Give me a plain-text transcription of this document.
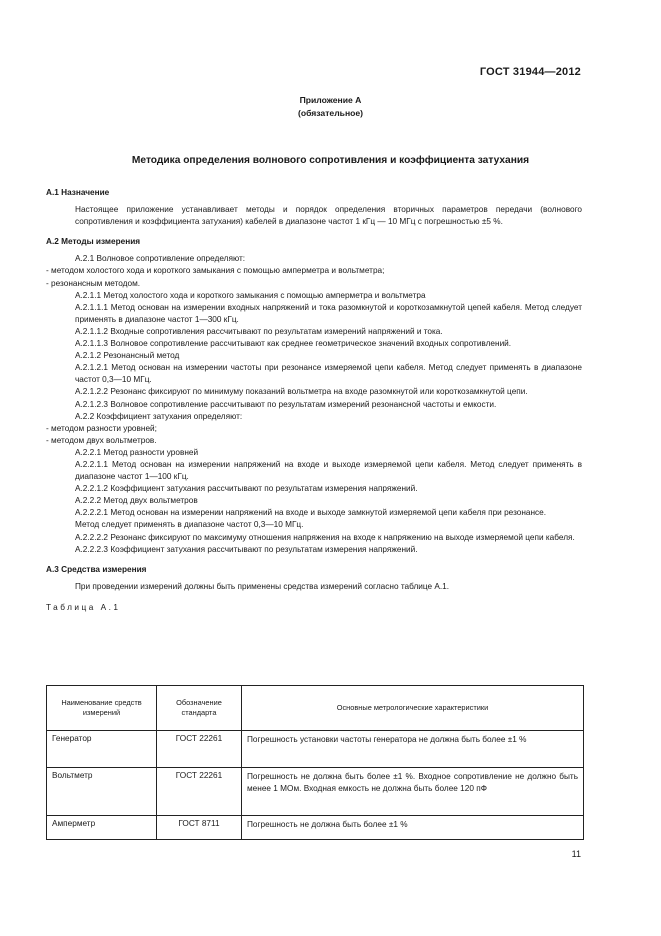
ГОСТ 31944—2012
Приложение А
(обязательное)
Методика определения волнового сопротивления и коэффициента затухания

А.1 Назначение

Настоящее приложение устанавливает методы и порядок определения вторичных параметров передачи (волнового сопротивления и коэффициента затухания) кабелей в диапазоне частот 1 кГц — 10 МГц с погрешностью ±5 %.

А.2 Методы измерения

А.2.1 Волновое сопротивление определяют:

- методом холостого хода и короткого замыкания с помощью амперметра и вольтметра;

- резонансным методом.

А.2.1.1 Метод холостого хода и короткого замыкания с помощью амперметра и вольтметра

А.2.1.1.1 Метод основан на измерении входных напряжений и тока разомкнутой и короткозамкнутой цепей кабеля. Метод следует применять в диапазоне частот 1—300 кГц.

А.2.1.1.2 Входные сопротивления рассчитывают по результатам измерений напряжений и тока.

А.2.1.1.3 Волновое сопротивление рассчитывают как среднее геометрическое значений входных сопротивлений.

А.2.1.2 Резонансный метод

А.2.1.2.1 Метод основан на измерении частоты при резонансе измеряемой цепи кабеля. Метод следует применять в диапазоне частот 0,3—10 МГц.

А.2.1.2.2 Резонанс фиксируют по минимуму показаний вольтметра на входе разомкнутой или короткозамкнутой цепи.

А.2.1.2.3 Волновое сопротивление рассчитывают по результатам измерений резонансной частоты и емкости.

А.2.2 Коэффициент затухания определяют:

- методом разности уровней;

- методом двух вольтметров.

А.2.2.1 Метод разности уровней

А.2.2.1.1 Метод основан на измерении напряжений на входе и выходе измеряемой цепи кабеля. Метод следует применять в диапазоне частот 1—100 кГц.

А.2.2.1.2 Коэффициент затухания рассчитывают по результатам измерения напряжений.

А.2.2.2 Метод двух вольтметров

А.2.2.2.1 Метод основан на измерении напряжений на входе и выходе замкнутой измеряемой цепи кабеля при резонансе.

Метод следует применять в диапазоне частот 0,3—10 МГц.

А.2.2.2.2 Резонанс фиксируют по максимуму отношения напряжения на входе к напряжению на выходе измеряемой цепи кабеля.

А.2.2.2.3 Коэффициент затухания рассчитывают по результатам измерения напряжений.

А.3 Средства измерения

При проведении измерений должны быть применены средства измерений согласно таблице А.1.

Таблица А.1

Наименование средств измерений	Обозначение стандарта	Основные метрологические характеристики
Генератор	ГОСТ 22261	Погрешность установки частоты генератора не должна быть более ±1 %
Вольтметр	ГОСТ 22261	Погрешность не должна быть более ±1 %. Входное сопротивление не должно быть менее 1 МОм. Входная емкость не должна быть более 120 пФ
Амперметр	ГОСТ 8711	Погрешность не должна быть более ±1 %
11
